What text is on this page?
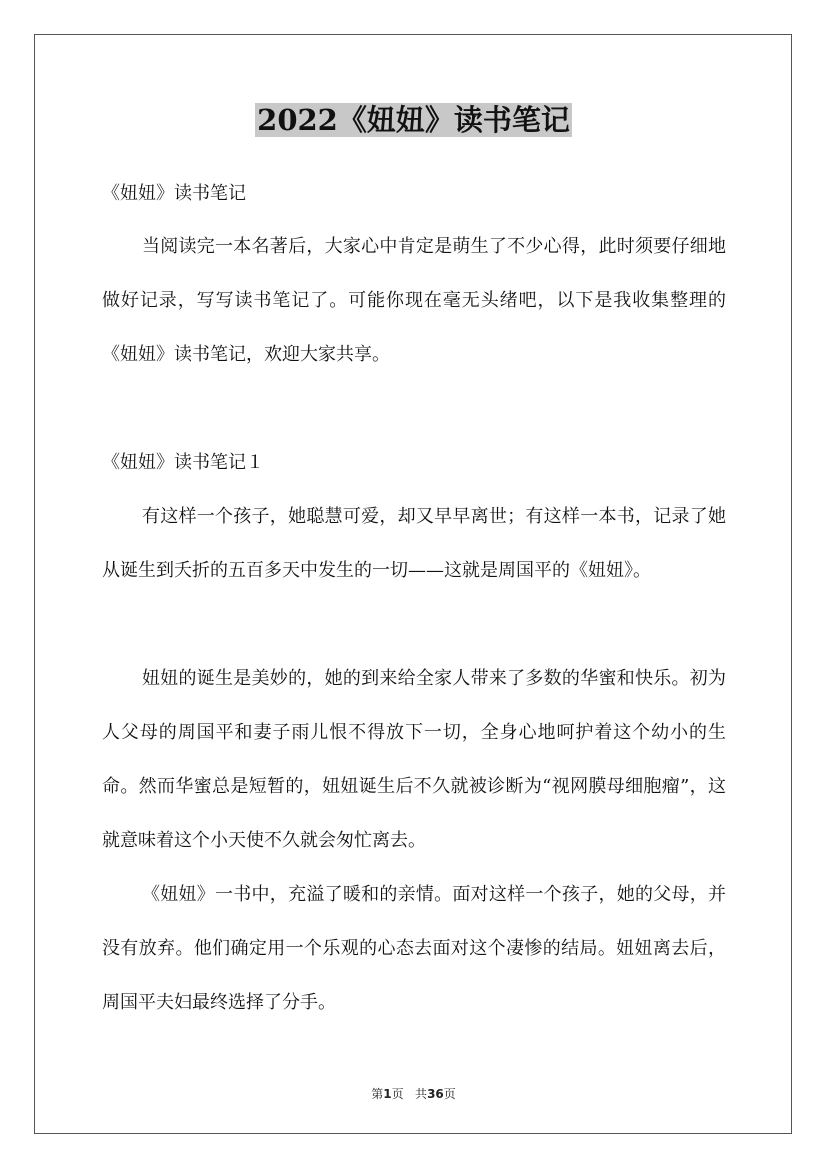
2022《妞妞》读书笔记

《妞妞》读书笔记

当阅读完一本名著后，大家心中肯定是萌生了不少心得，此时须要仔细地做好记录，写写读书笔记了。可能你现在毫无头绪吧，以下是我收集整理的《妞妞》读书笔记，欢迎大家共享。

《妞妞》读书笔记１

有这样一个孩子，她聪慧可爱，却又早早离世；有这样一本书，记录了她从诞生到夭折的五百多天中发生的一切——这就是周国平的《妞妞》。

妞妞的诞生是美妙的，她的到来给全家人带来了多数的华蜜和快乐。初为人父母的周国平和妻子雨儿恨不得放下一切，全身心地呵护着这个幼小的生命。然而华蜜总是短暂的，妞妞诞生后不久就被诊断为“视网膜母细胞瘤”，这就意味着这个小天使不久就会匆忙离去。

《妞妞》一书中，充溢了暖和的亲情。面对这样一个孩子，她的父母，并没有放弃。他们确定用一个乐观的心态去面对这个凄惨的结局。妞妞离去后，周国平夫妇最终选择了分手。

第1页 共36页
